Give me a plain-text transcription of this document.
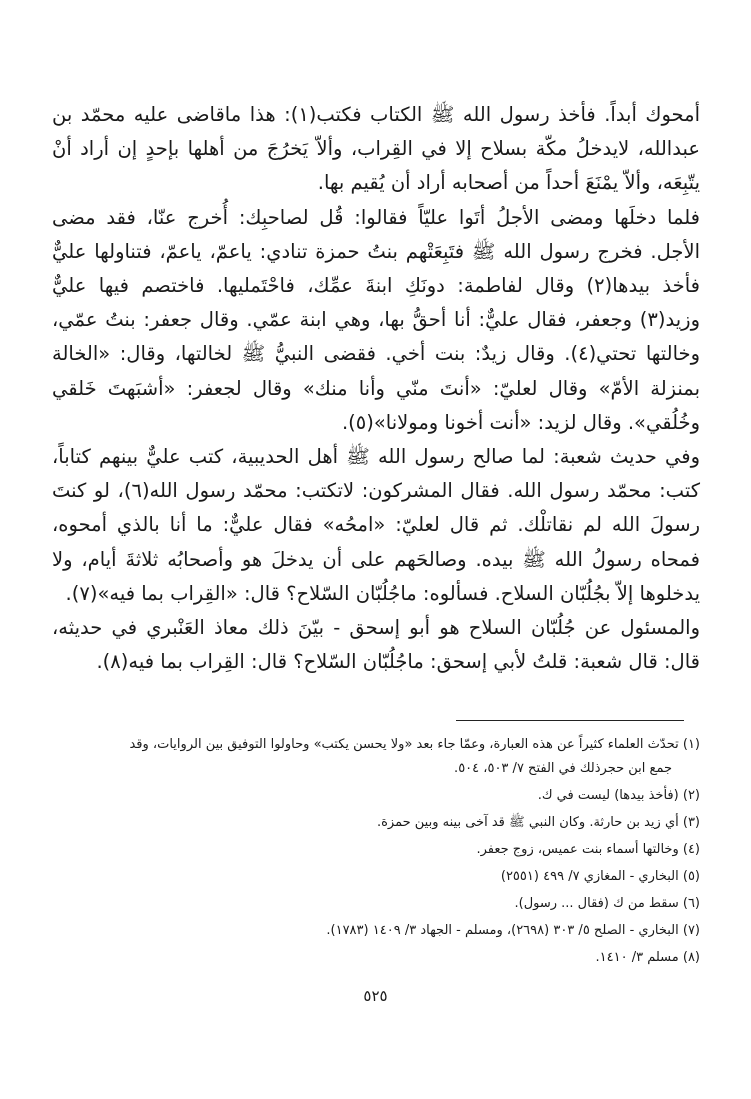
أمحوك أبداً. فأخذ رسول الله ﷺ الكتاب فكتب(١): هذا ماقاضى عليه محمّد بن عبدالله، لايدخلُ مكّة بسلاح إلا في القِراب، وألاّ يَخرُجَ من أهلها بإحدٍ إن أراد أنْ يتّبِعَه، وألاّ يمْنَعَ أحداً من أصحابه أراد أن يُقيم بها.

فلما دخلَها ومضى الأجلُ أتَوا عليّاً فقالوا: قُل لصاحبِك: أُخرج عنّا، فقد مضى الأجل. فخرج رسول الله ﷺ فتَبِعَتْهم بنتُ حمزة تنادي: ياعمّ، ياعمّ، فتناولها عليٌّ فأخذ بيدها(٢) وقال لفاطمة: دونَكِ ابنةَ عمِّك، فاحْتَمليها. فاختصم فيها عليٌّ وزيد(٣) وجعفر، فقال عليٌّ: أنا أحقُّ بها، وهي ابنة عمّي. وقال جعفر: بنتُ عمّي، وخالتها تحتي(٤). وقال زيدٌ: بنت أخي. فقضى النبيُّ ﷺ لخالتها، وقال: «الخالة بمنزلة الأمّ» وقال لعليّ: «أنتَ منّي وأنا منك» وقال لجعفر: «أشبَهتَ خَلقي وخُلُقي». وقال لزيد: «أنت أخونا ومولانا»(٥).

وفي حديث شعبة: لما صالح رسول الله ﷺ أهل الحديبية، كتب عليٌّ بينهم كتاباً، كتب: محمّد رسول الله. فقال المشركون: لاتكتب: محمّد رسول الله(٦)، لو كنتَ رسولَ الله لم نقاتلْك. ثم قال لعليّ: «امحُه» فقال عليٌّ: ما أنا بالذي أمحوه، فمحاه رسولُ الله ﷺ بيده. وصالحَهم على أن يدخلَ هو وأصحابُه ثلاثةَ أيام، ولا يدخلوها إلاّ بجُلُبّان السلاح. فسألوه: ماجُلُبّان السّلاح؟ قال: «القِراب بما فيه»(٧).

والمسئول عن جُلُبّان السلاح هو أبو إسحق - بيّنَ ذلك معاذ العَنْبري في حديثه، قال: قال شعبة: قلتُ لأبي إسحق: ماجُلُبّان السّلاح؟ قال: القِراب بما فيه(٨).

(١) تحدّث العلماء كثيراً عن هذه العبارة، وعمّا جاء بعد «ولا يحسن يكتب» وحاولوا التوفيق بين الروايات، وقد
جمع ابن حجرذلك في الفتح ٧/ ٥٠٣، ٥٠٤.
(٢) (فأخذ بيدها) ليست في ك.
(٣) أي زيد بن حارثة. وكان النبي ﷺ قد آخى بينه وبين حمزة.
(٤) وخالتها أسماء بنت عميس، زوج جعفر.
(٥) البخاري - المغازي ٧/ ٤٩٩ (٢٥٥١)
(٦) سقط من ك (فقال ... رسول).
(٧) البخاري - الصلح ٥/ ٣٠٣ (٢٦٩٨)، ومسلم - الجهاد ٣/ ١٤٠٩ (١٧٨٣).
(٨) مسلم ٣/ ١٤١٠.
٥٢٥
